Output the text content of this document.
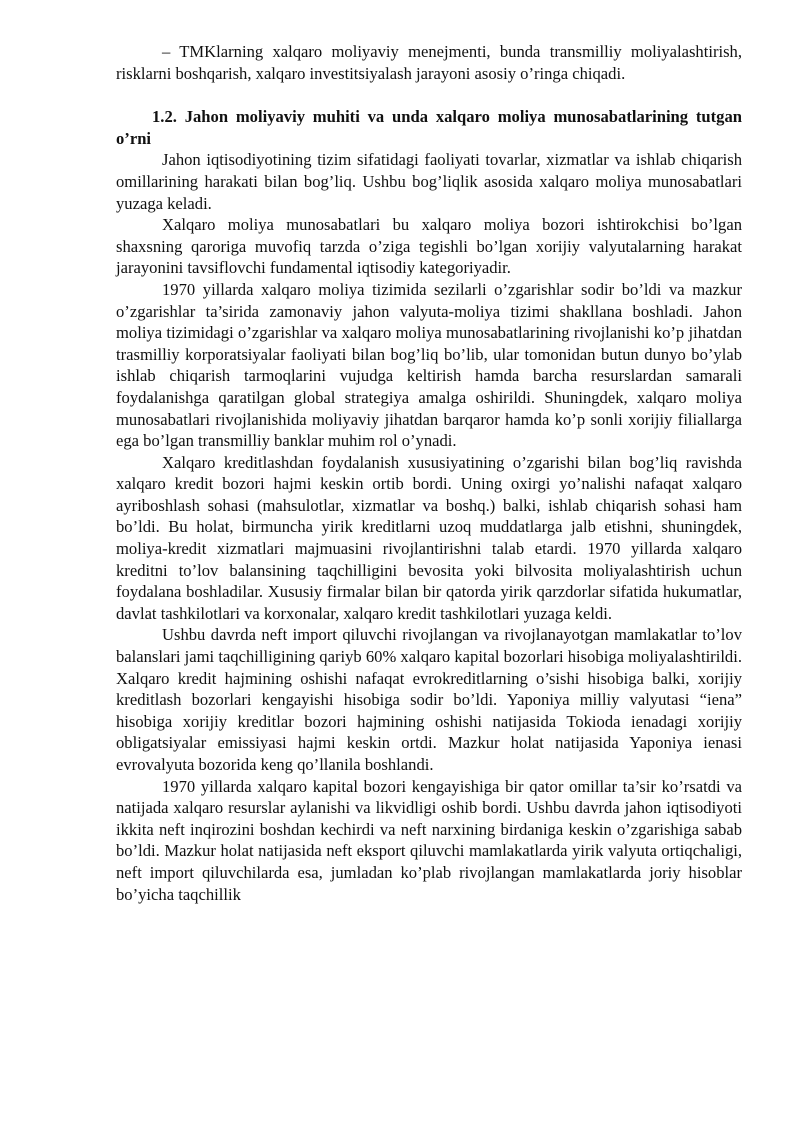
– TMKlarning xalqaro moliyaviy menejmenti, bunda transmilliy moliyalashtirish, risklarni boshqarish, xalqaro investitsiyalash jarayoni asosiy o’ringa chiqadi.

1.2. Jahon moliyaviy muhiti va unda xalqaro moliya munosabatlarining tutgan o’rni

Jahon iqtisodiyotining tizim sifatidagi faoliyati tovarlar, xizmatlar va ishlab chiqarish omillarining harakati bilan bog’liq. Ushbu bog’liqlik asosida xalqaro moliya munosabatlari yuzaga keladi.

Xalqaro moliya munosabatlari bu xalqaro moliya bozori ishtirokchisi bo’lgan shaxsning qaroriga muvofiq tarzda o’ziga tegishli bo’lgan xorijiy valyutalarning harakat jarayonini tavsiflovchi fundamental iqtisodiy kategoriyadir.

1970 yillarda xalqaro moliya tizimida sezilarli o’zgarishlar sodir bo’ldi va mazkur o’zgarishlar ta’sirida zamonaviy jahon valyuta-moliya tizimi shakllana boshladi. Jahon moliya tizimidagi o’zgarishlar va xalqaro moliya munosabatlarining rivojlanishi ko’p jihatdan trasmilliy korporatsiyalar faoliyati bilan bog’liq bo’lib, ular tomonidan butun dunyo bo’ylab ishlab chiqarish tarmoqlarini vujudga keltirish hamda barcha resurslardan samarali foydalanishga qaratilgan global strategiya amalga oshirildi. Shuningdek, xalqaro moliya munosabatlari rivojlanishida moliyaviy jihatdan barqaror hamda ko’p sonli xorijiy filiallarga ega bo’lgan transmilliy banklar muhim rol o’ynadi.

Xalqaro kreditlashdan foydalanish xususiyatining o’zgarishi bilan bog’liq ravishda xalqaro kredit bozori hajmi keskin ortib bordi. Uning oxirgi yo’nalishi nafaqat xalqaro ayriboshlash sohasi (mahsulotlar, xizmatlar va boshq.) balki, ishlab chiqarish sohasi ham bo’ldi. Bu holat, birmuncha yirik kreditlarni uzoq muddatlarga jalb etishni, shuningdek, moliya-kredit xizmatlari majmuasini rivojlantirishni talab etardi. 1970 yillarda xalqaro kreditni to’lov balansining taqchilligini bevosita yoki bilvosita moliyalashtirish uchun foydalana boshladilar. Xususiy firmalar bilan bir qatorda yirik qarzdorlar sifatida hukumatlar, davlat tashkilotlari va korxonalar, xalqaro kredit tashkilotlari yuzaga keldi.

Ushbu davrda neft import qiluvchi rivojlangan va rivojlanayotgan mamlakatlar to’lov balanslari jami taqchilligining qariyb 60% xalqaro kapital bozorlari hisobiga moliyalashtirildi. Xalqaro kredit hajmining oshishi nafaqat evrokreditlarning o’sishi hisobiga balki, xorijiy kreditlash bozorlari kengayishi hisobiga sodir bo’ldi. Yaponiya milliy valyutasi “iena” hisobiga xorijiy kreditlar bozori hajmining oshishi natijasida Tokioda ienadagi xorijiy obligatsiyalar emissiyasi hajmi keskin ortdi. Mazkur holat natijasida Yaponiya ienasi evrovalyuta bozorida keng qo’llanila boshlandi.

1970 yillarda xalqaro kapital bozori kengayishiga bir qator omillar ta’sir ko’rsatdi va natijada xalqaro resurslar aylanishi va likvidligi oshib bordi. Ushbu davrda jahon iqtisodiyoti ikkita neft inqirozini boshdan kechirdi va neft narxining birdaniga keskin o’zgarishiga sabab bo’ldi. Mazkur holat natijasida neft eksport qiluvchi mamlakatlarda yirik valyuta ortiqchaligi, neft import qiluvchilarda esa, jumladan ko’plab rivojlangan mamlakatlarda joriy hisoblar bo’yicha taqchillik
